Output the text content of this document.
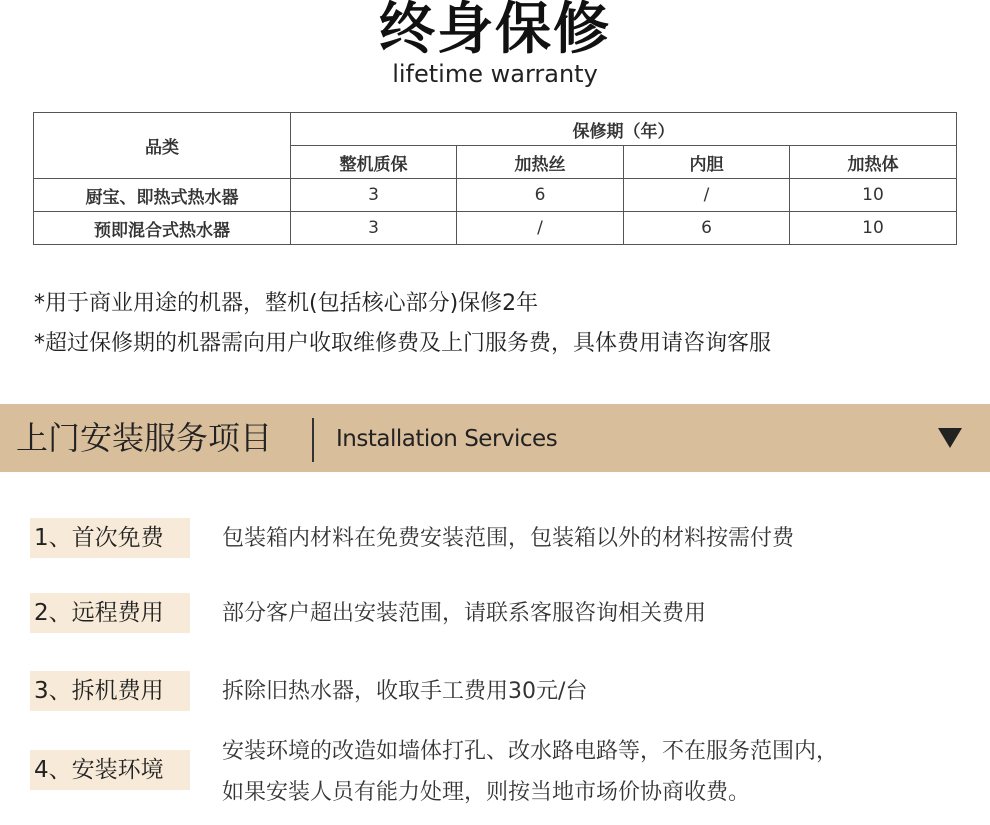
终身保修
lifetime warranty
品类	保修期（年）			
	整机质保	加热丝	内胆	加热体
厨宝、即热式热水器	3	6	/	10
预即混合式热水器	3	/	6	10
*用于商业用途的机器，整机(包括核心部分)保修2年
*超过保修期的机器需向用户收取维修费及上门服务费，具体费用请咨询客服
上门安装服务项目	Installation Services
1、首次免费	包装箱内材料在免费安装范围，包装箱以外的材料按需付费
2、远程费用	部分客户超出安装范围，请联系客服咨询相关费用
3、拆机费用	拆除旧热水器，收取手工费用30元/台
4、安装环境
安装环境的改造如墙体打孔、改水路电路等，不在服务范围内，
如果安装人员有能力处理，则按当地市场价协商收费。
